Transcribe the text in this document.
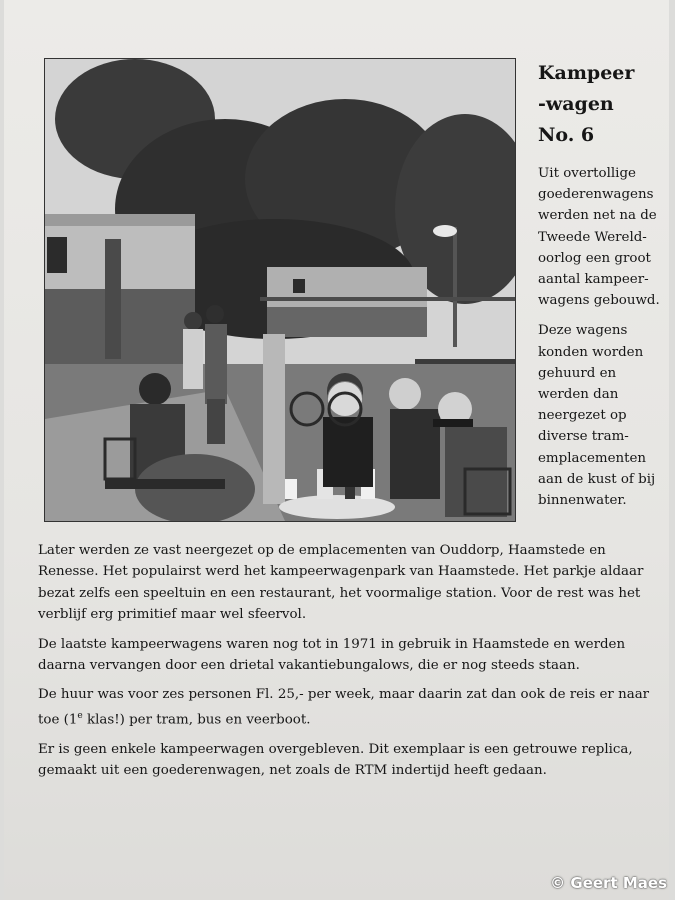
Kampeer
-wagen
No. 6

Uit overtollige goederenwagens werden net na de Tweede Wereld-oorlog een groot aantal kampeer-wagens gebouwd.

Deze wagens konden worden gehuurd en werden dan neergezet op diverse tram-emplacementen aan de kust of bij binnenwater.

Later werden ze vast neergezet op de emplacementen van Ouddorp, Haamstede en Renesse. Het populairst werd het kampeerwagenpark van Haamstede. Het parkje aldaar bezat zelfs een speeltuin en een restaurant, het voormalige station. Voor de rest was het verblijf erg primitief maar wel sfeervol.

De laatste kampeerwagens waren nog tot in 1971 in gebruik in Haamstede en werden daarna vervangen door een drietal vakantiebungalows, die er nog steeds staan.

De huur was voor zes personen Fl. 25,- per week, maar daarin zat dan ook de reis er naar toe (1e klas!) per tram, bus en veerboot.

Er is geen enkele kampeerwagen overgebleven. Dit exemplaar is een getrouwe replica, gemaakt uit een goederenwagen, net zoals de RTM indertijd heeft gedaan.

© Geert Maes
